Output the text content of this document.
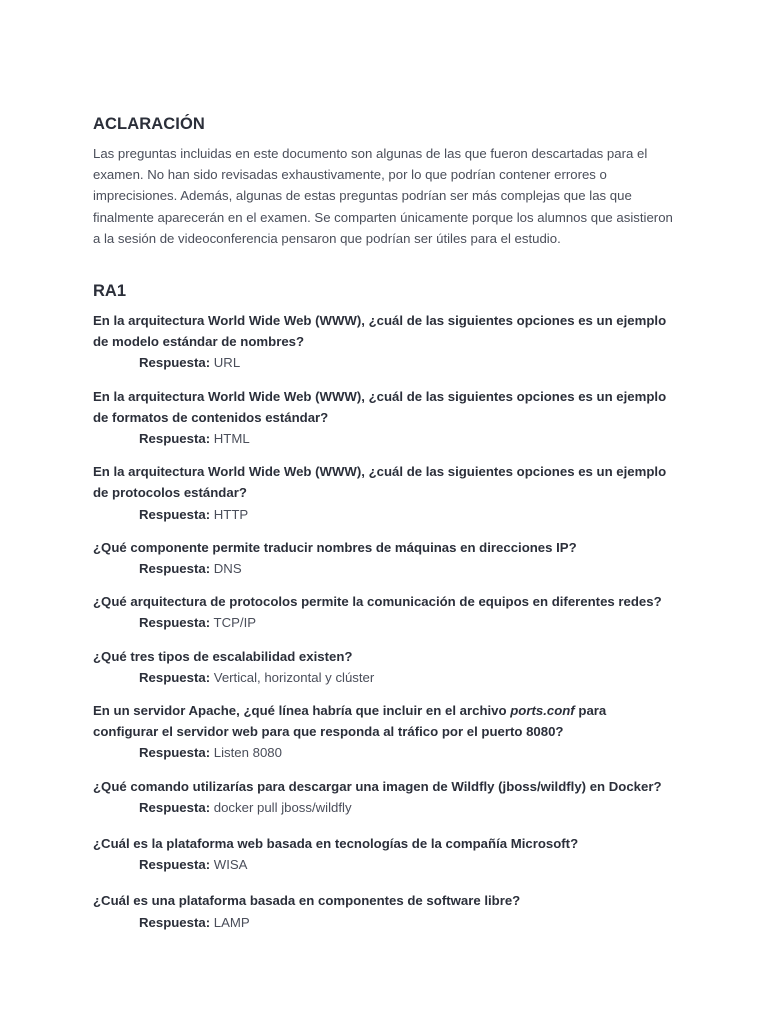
ACLARACIÓN

Las preguntas incluidas en este documento son algunas de las que fueron descartadas para el examen. No han sido revisadas exhaustivamente, por lo que podrían contener errores o imprecisiones. Además, algunas de estas preguntas podrían ser más complejas que las que finalmente aparecerán en el examen. Se comparten únicamente porque los alumnos que asistieron a la sesión de videoconferencia pensaron que podrían ser útiles para el estudio.

RA1

En la arquitectura World Wide Web (WWW), ¿cuál de las siguientes opciones es un ejemplo de modelo estándar de nombres?

Respuesta: URL

En la arquitectura World Wide Web (WWW), ¿cuál de las siguientes opciones es un ejemplo de formatos de contenidos estándar?

Respuesta: HTML

En la arquitectura World Wide Web (WWW), ¿cuál de las siguientes opciones es un ejemplo de protocolos estándar?

Respuesta: HTTP

¿Qué componente permite traducir nombres de máquinas en direcciones IP?

Respuesta: DNS

¿Qué arquitectura de protocolos permite la comunicación de equipos en diferentes redes?

Respuesta: TCP/IP

¿Qué tres tipos de escalabilidad existen?

Respuesta: Vertical, horizontal y clúster

En un servidor Apache, ¿qué línea habría que incluir en el archivo ports.conf para configurar el servidor web para que responda al tráfico por el puerto 8080?

Respuesta: Listen 8080

¿Qué comando utilizarías para descargar una imagen de Wildfly (jboss/wildfly) en Docker?

Respuesta: docker pull jboss/wildfly

¿Cuál es la plataforma web basada en tecnologías de la compañía Microsoft?

Respuesta: WISA

¿Cuál es una plataforma basada en componentes de software libre?

Respuesta: LAMP
